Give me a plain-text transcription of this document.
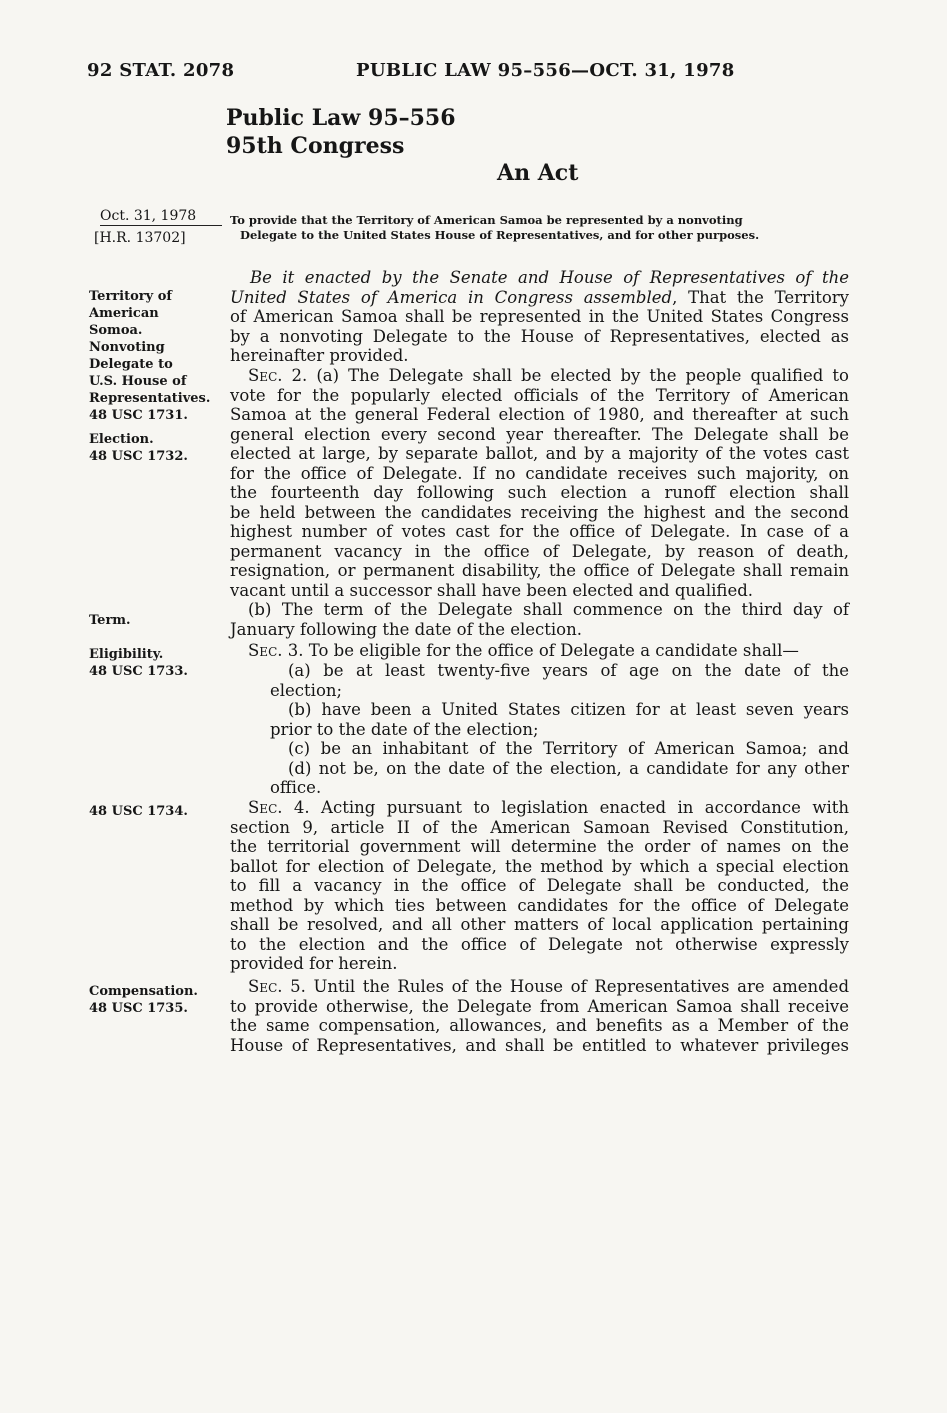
92 STAT. 2078	PUBLIC LAW 95–556—OCT. 31, 1978
Public Law 95–556
95th Congress
An Act
Oct. 31, 1978
[H.R. 13702]
To provide that the Territory of American Samoa be represented by a nonvoting
Delegate to the United States House of Representatives, and for other purposes.
Territory of
American
Somoa.
Nonvoting
Delegate to
U.S. House of
Representatives.
48 USC 1731.
Election.
48 USC 1732.
Term.
Eligibility.
48 USC 1733.
48 USC 1734.
Compensation.
48 USC 1735.
Be it enacted by the Senate and House of Representatives of the
United States of America in Congress assembled, That the Territory
of American Samoa shall be represented in the United States Congress
by a nonvoting Delegate to the House of Representatives, elected as
hereinafter provided.
Sec. 2. (a) The Delegate shall be elected by the people qualified to
vote for the popularly elected officials of the Territory of American
Samoa at the general Federal election of 1980, and thereafter at such
general election every second year thereafter. The Delegate shall be
elected at large, by separate ballot, and by a majority of the votes cast
for the office of Delegate. If no candidate receives such majority, on
the fourteenth day following such election a runoff election shall
be held between the candidates receiving the highest and the second
highest number of votes cast for the office of Delegate. In case of a
permanent vacancy in the office of Delegate, by reason of death,
resignation, or permanent disability, the office of Delegate shall remain
vacant until a successor shall have been elected and qualified.
(b) The term of the Delegate shall commence on the third day of
January following the date of the election.
Sec. 3. To be eligible for the office of Delegate a candidate shall—
(a) be at least twenty-five years of age on the date of the
election;
(b) have been a United States citizen for at least seven years
prior to the date of the election;
(c) be an inhabitant of the Territory of American Samoa; and
(d) not be, on the date of the election, a candidate for any other
office.
Sec. 4. Acting pursuant to legislation enacted in accordance with
section 9, article II of the American Samoan Revised Constitution,
the territorial government will determine the order of names on the
ballot for election of Delegate, the method by which a special election
to fill a vacancy in the office of Delegate shall be conducted, the
method by which ties between candidates for the office of Delegate
shall be resolved, and all other matters of local application pertaining
to the election and the office of Delegate not otherwise expressly
provided for herein.
Sec. 5. Until the Rules of the House of Representatives are amended
to provide otherwise, the Delegate from American Samoa shall receive
the same compensation, allowances, and benefits as a Member of the
House of Representatives, and shall be entitled to whatever privileges
